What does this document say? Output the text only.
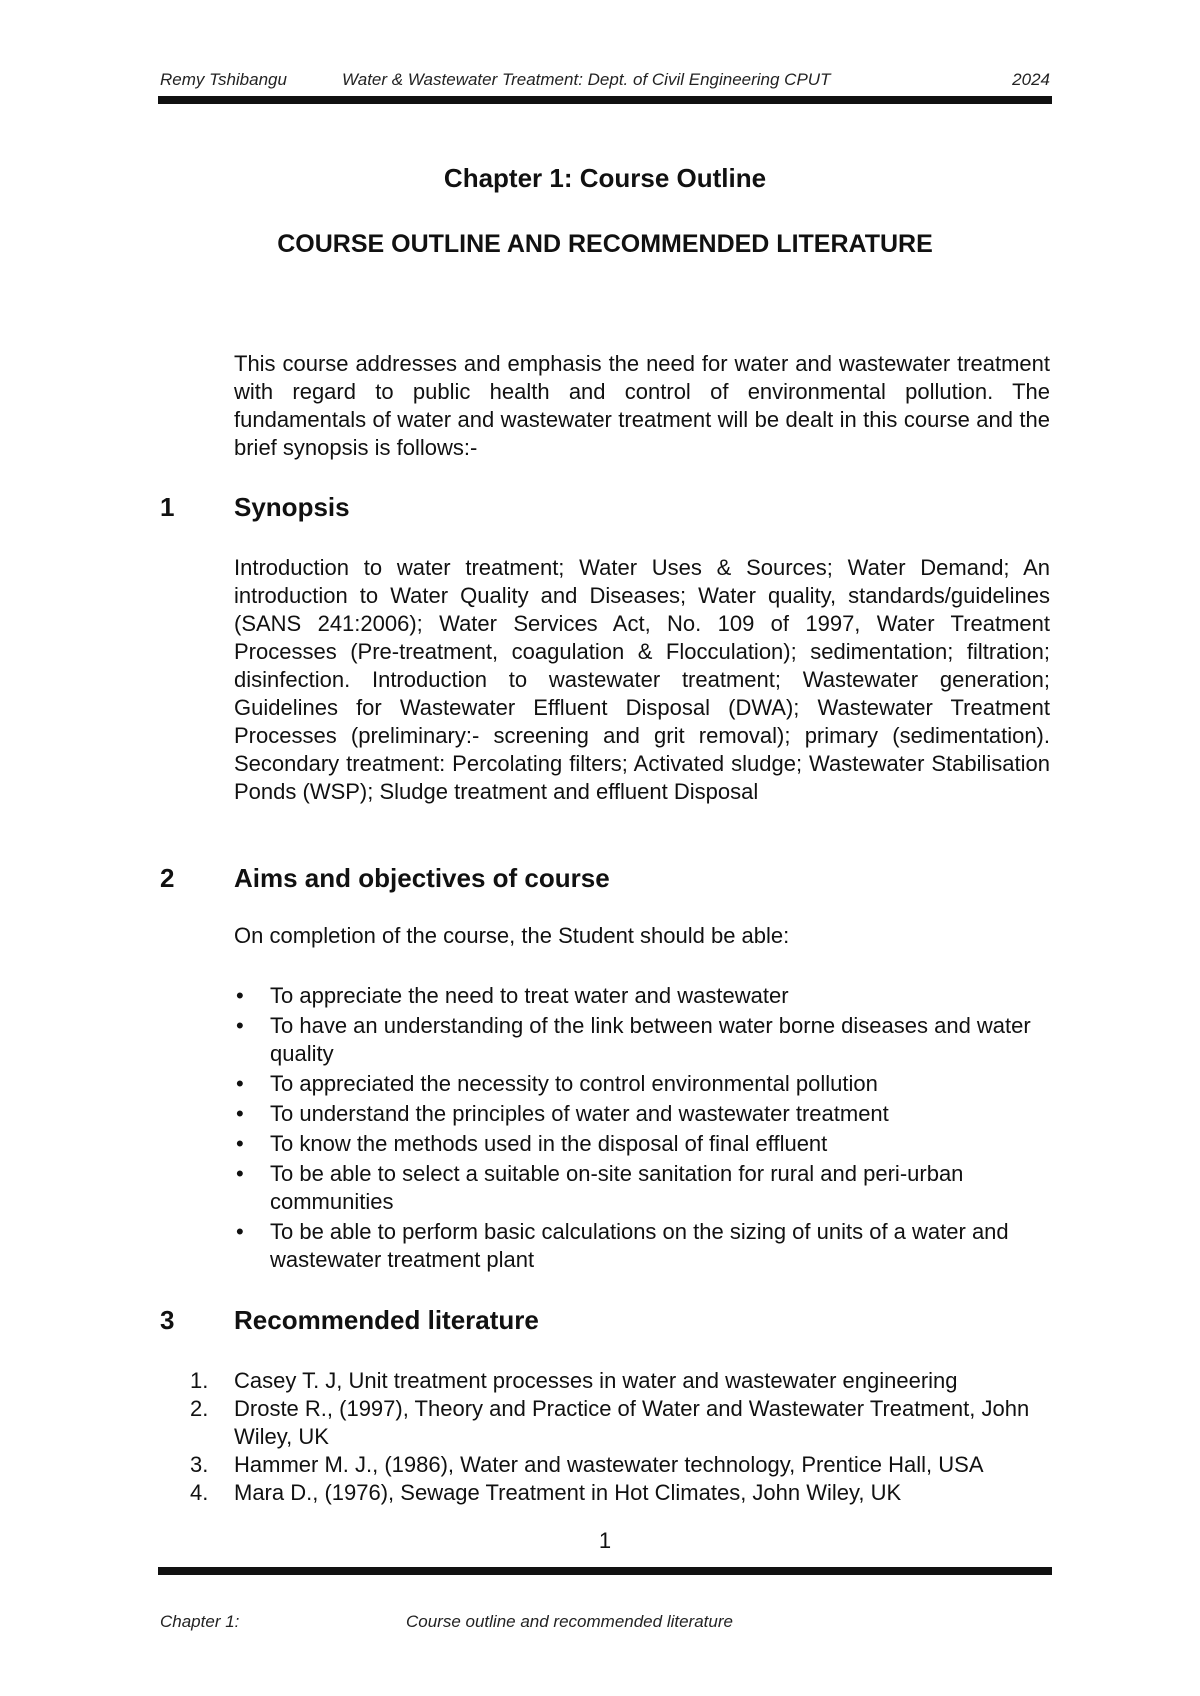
Remy Tshibangu	Water & Wastewater Treatment: Dept. of Civil Engineering CPUT	2024
Chapter 1: Course Outline
COURSE OUTLINE AND RECOMMENDED LITERATURE

This course addresses and emphasis the need for water and wastewater treatment with regard to public health and control of environmental pollution. The fundamentals of water and wastewater treatment will be dealt in this course and the brief synopsis is follows:-

1 Synopsis

Introduction to water treatment; Water Uses & Sources; Water Demand; An introduction to Water Quality and Diseases; Water quality, standards/guidelines (SANS 241:2006); Water Services Act, No. 109 of 1997, Water Treatment Processes (Pre-treatment, coagulation & Flocculation); sedimentation; filtration; disinfection. Introduction to wastewater treatment; Wastewater generation; Guidelines for Wastewater Effluent Disposal (DWA); Wastewater Treatment Processes (preliminary:- screening and grit removal); primary (sedimentation). Secondary treatment: Percolating filters; Activated sludge; Wastewater Stabilisation Ponds (WSP); Sludge treatment and effluent Disposal

2 Aims and objectives of course

On completion of the course, the Student should be able:

• To appreciate the need to treat water and wastewater
• To have an understanding of the link between water borne diseases and water quality
• To appreciated the necessity to control environmental pollution
• To understand the principles of water and wastewater treatment
• To know the methods used in the disposal of final effluent
• To be able to select a suitable on-site sanitation for rural and peri-urban communities
• To be able to perform basic calculations on the sizing of units of a water and wastewater treatment plant
3 Recommended literature
1. Casey T. J, Unit treatment processes in water and wastewater engineering
2. Droste R., (1997), Theory and Practice of Water and Wastewater Treatment, John Wiley, UK
3. Hammer M. J., (1986), Water and wastewater technology, Prentice Hall, USA
4. Mara D., (1976), Sewage Treatment in Hot Climates, John Wiley, UK
1
Chapter 1:	Course outline and recommended literature
